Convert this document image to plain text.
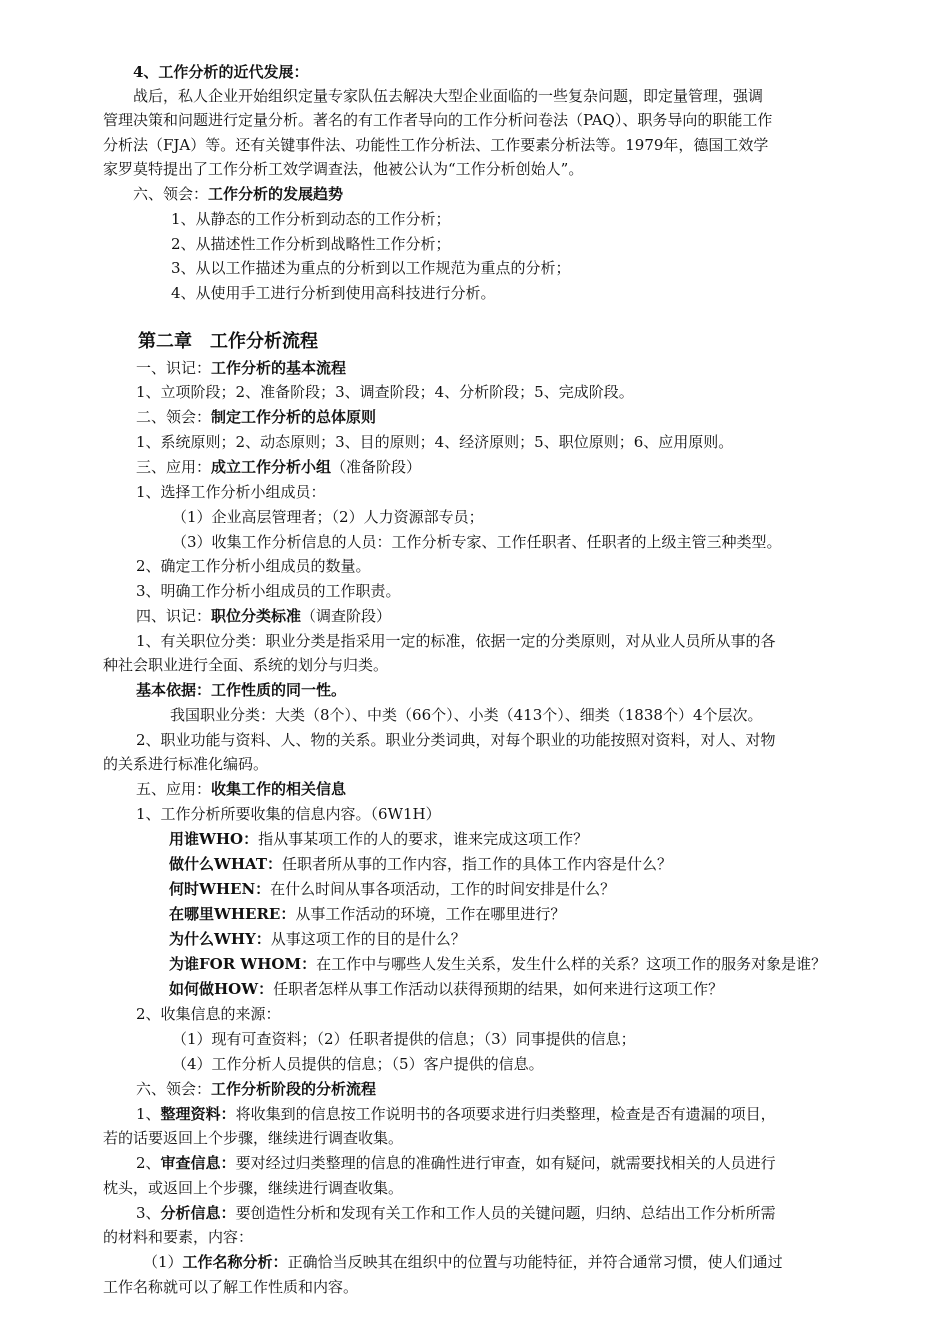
4、工作分析的近代发展：
战后，私人企业开始组织定量专家队伍去解决大型企业面临的一些复杂问题，即定量管理，强调
管理决策和问题进行定量分析。著名的有工作者导向的工作分析问卷法（PAQ）、职务导向的职能工作
分析法（FJA）等。还有关键事件法、功能性工作分析法、工作要素分析法等。1979年，德国工效学
家罗莫特提出了工作分析工效学调查法，他被公认为“工作分析创始人”。
六、领会：工作分析的发展趋势
1、从静态的工作分析到动态的工作分析；
2、从描述性工作分析到战略性工作分析；
3、从以工作描述为重点的分析到以工作规范为重点的分析；
4、从使用手工进行分析到使用高科技进行分析。
第二章　工作分析流程
一、识记：工作分析的基本流程
1、立项阶段；2、准备阶段；3、调查阶段；4、分析阶段；5、完成阶段。
二、领会：制定工作分析的总体原则
1、系统原则；2、动态原则；3、目的原则；4、经济原则；5、职位原则；6、应用原则。
三、应用：成立工作分析小组（准备阶段）
1、选择工作分析小组成员：
（1）企业高层管理者；（2）人力资源部专员；
（3）收集工作分析信息的人员：工作分析专家、工作任职者、任职者的上级主管三种类型。
2、确定工作分析小组成员的数量。
3、明确工作分析小组成员的工作职责。
四、识记：职位分类标准（调查阶段）
1、有关职位分类：职业分类是指采用一定的标准，依据一定的分类原则，对从业人员所从事的各
种社会职业进行全面、系统的划分与归类。
基本依据：工作性质的同一性。
我国职业分类：大类（8个）、中类（66个）、小类（413个）、细类（1838个）4个层次。
2、职业功能与资料、人、物的关系。职业分类词典，对每个职业的功能按照对资料，对人、对物
的关系进行标准化编码。
五、应用：收集工作的相关信息
1、工作分析所要收集的信息内容。（6W1H）
用谁WHO：指从事某项工作的人的要求，谁来完成这项工作？
做什么WHAT：任职者所从事的工作内容，指工作的具体工作内容是什么？
何时WHEN：在什么时间从事各项活动，工作的时间安排是什么？
在哪里WHERE：从事工作活动的环境，工作在哪里进行？
为什么WHY：从事这项工作的目的是什么？
为谁FOR WHOM：在工作中与哪些人发生关系，发生什么样的关系？这项工作的服务对象是谁？
如何做HOW：任职者怎样从事工作活动以获得预期的结果，如何来进行这项工作？
2、收集信息的来源：
（1）现有可查资料；（2）任职者提供的信息；（3）同事提供的信息；
（4）工作分析人员提供的信息；（5）客户提供的信息。
六、领会：工作分析阶段的分析流程
1、整理资料：将收集到的信息按工作说明书的各项要求进行归类整理，检查是否有遗漏的项目，
若的话要返回上个步骤，继续进行调查收集。
2、审查信息：要对经过归类整理的信息的准确性进行审查，如有疑问，就需要找相关的人员进行
枕头，或返回上个步骤，继续进行调查收集。
3、分析信息：要创造性分析和发现有关工作和工作人员的关键问题，归纳、总结出工作分析所需
的材料和要素，内容：
（1）工作名称分析：正确恰当反映其在组织中的位置与功能特征，并符合通常习惯，使人们通过
工作名称就可以了解工作性质和内容。
